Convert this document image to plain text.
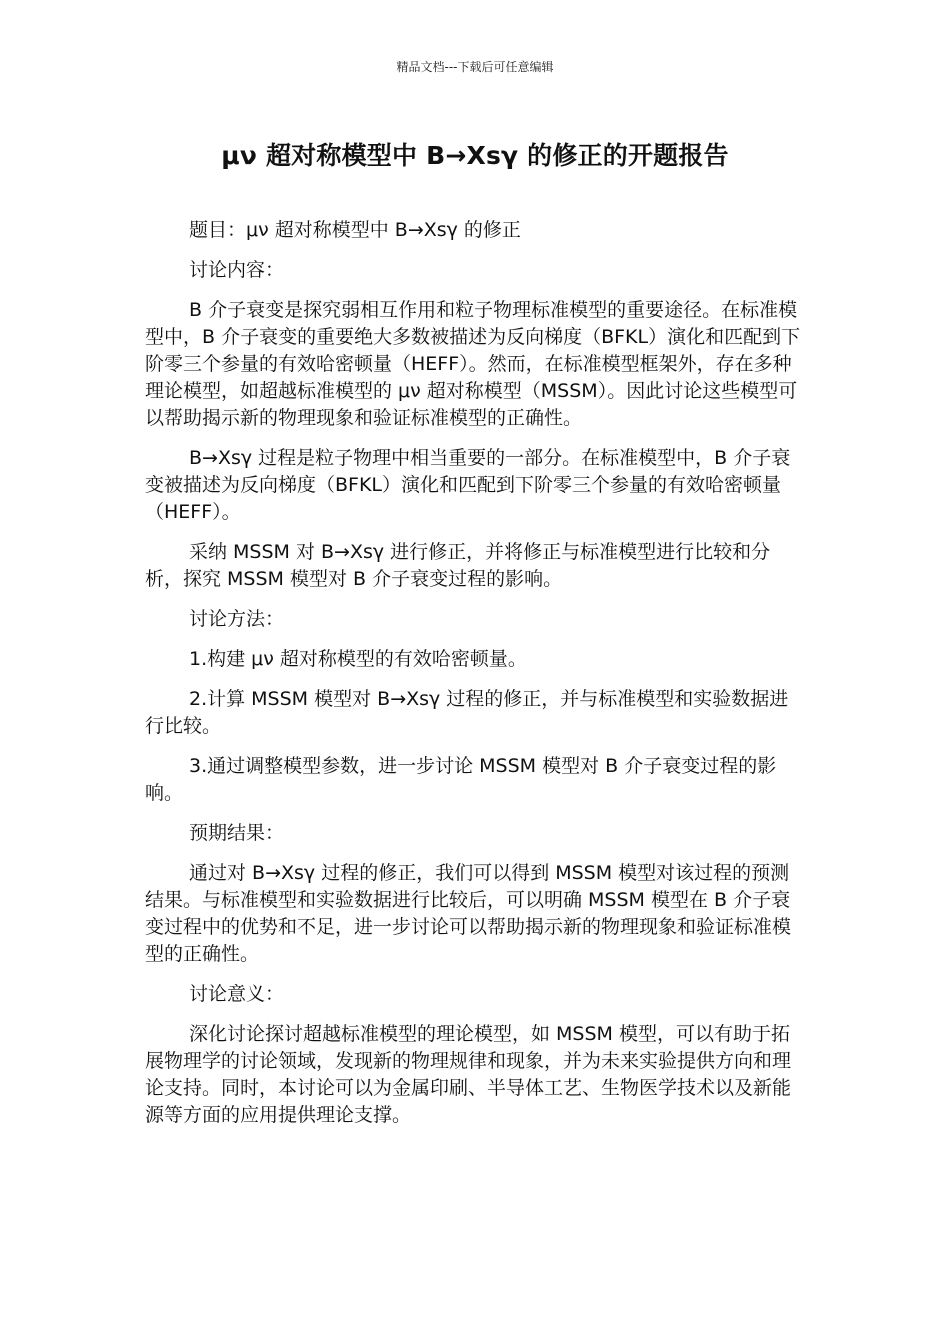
精品文档---下载后可任意编辑
μν 超对称模型中 B→Xsγ 的修正的开题报告

题目：μν 超对称模型中 B→Xsγ 的修正

讨论内容：

B 介子衰变是探究弱相互作用和粒子物理标准模型的重要途径。在标准模型中，B 介子衰变的重要绝大多数被描述为反向梯度（BFKL）演化和匹配到下阶零三个参量的有效哈密顿量（HEFF）。然而，在标准模型框架外，存在多种理论模型，如超越标准模型的 μν 超对称模型（MSSM）。因此讨论这些模型可以帮助揭示新的物理现象和验证标准模型的正确性。

B→Xsγ 过程是粒子物理中相当重要的一部分。在标准模型中，B 介子衰变被描述为反向梯度（BFKL）演化和匹配到下阶零三个参量的有效哈密顿量（HEFF）。

采纳 MSSM 对 B→Xsγ 进行修正，并将修正与标准模型进行比较和分析，探究 MSSM 模型对 B 介子衰变过程的影响。

讨论方法：

1.构建 μν 超对称模型的有效哈密顿量。

2.计算 MSSM 模型对 B→Xsγ 过程的修正，并与标准模型和实验数据进行比较。

3.通过调整模型参数，进一步讨论 MSSM 模型对 B 介子衰变过程的影响。

预期结果：

通过对 B→Xsγ 过程的修正，我们可以得到 MSSM 模型对该过程的预测结果。与标准模型和实验数据进行比较后，可以明确 MSSM 模型在 B 介子衰变过程中的优势和不足，进一步讨论可以帮助揭示新的物理现象和验证标准模型的正确性。

讨论意义：

深化讨论探讨超越标准模型的理论模型，如 MSSM 模型，可以有助于拓展物理学的讨论领域，发现新的物理规律和现象，并为未来实验提供方向和理论支持。同时，本讨论可以为金属印刷、半导体工艺、生物医学技术以及新能源等方面的应用提供理论支撑。
